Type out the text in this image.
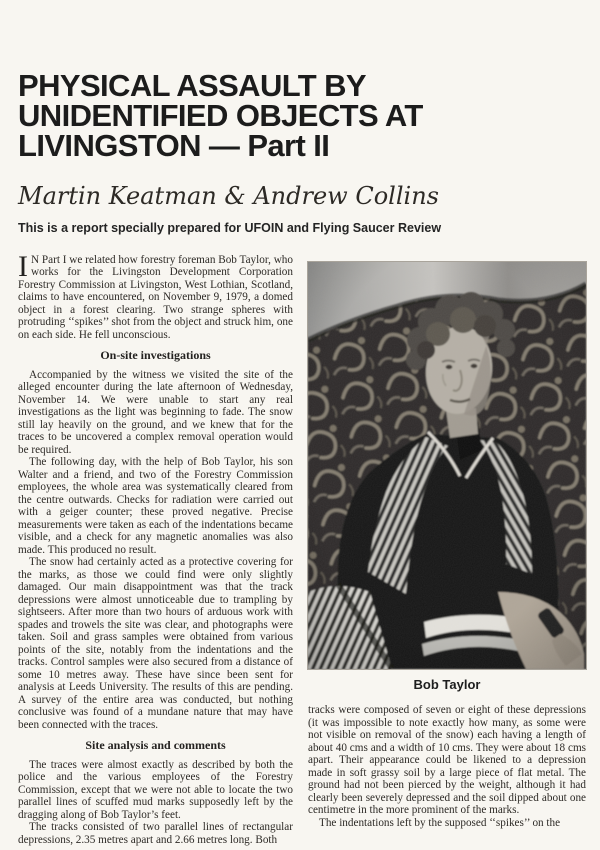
PHYSICAL ASSAULT BY
UNIDENTIFIED OBJECTS AT
LIVINGSTON — Part II
Martin Keatman & Andrew Collins
This is a report specially prepared for UFOIN and Flying Saucer Review

I N Part I we related how forestry foreman Bob Taylor, who works for the Livingston Development Corporation Forestry Commission at Livingston, West Lothian, Scotland, claims to have encountered, on November 9, 1979, a domed object in a forest clearing. Two strange spheres with protruding ‘‘spikes’’ shot from the object and struck him, one on each side. He fell unconscious.

On-site investigations

Accompanied by the witness we visited the site of the alleged encounter during the late afternoon of Wednesday, November 14. We were unable to start any real investigations as the light was beginning to fade. The snow still lay heavily on the ground, and we knew that for the traces to be uncovered a complex removal operation would be required.

The following day, with the help of Bob Taylor, his son Walter and a friend, and two of the Forestry Commission employees, the whole area was systematically cleared from the centre outwards. Checks for radiation were carried out with a geiger counter; these proved negative. Precise measurements were taken as each of the indentations became visible, and a check for any magnetic anomalies was also made. This produced no result.

The snow had certainly acted as a protective covering for the marks, as those we could find were only slightly damaged. Our main disappointment was that the track depressions were almost unnoticeable due to trampling by sightseers. After more than two hours of arduous work with spades and trowels the site was clear, and photographs were taken. Soil and grass samples were obtained from various points of the site, notably from the indentations and the tracks. Control samples were also secured from a distance of some 10 metres away. These have since been sent for analysis at Leeds University. The results of this are pending. A survey of the entire area was conducted, but nothing conclusive was found of a mundane nature that may have been connected with the traces.

Site analysis and comments

The traces were almost exactly as described by both the police and the various employees of the Forestry Commission, except that we were not able to locate the two parallel lines of scuffed mud marks supposedly left by the dragging along of Bob Taylor’s feet.

The tracks consisted of two parallel lines of rectangular depressions, 2.35 metres apart and 2.66 metres long. Both

Bob Taylor

tracks were composed of seven or eight of these depressions (it was impossible to note exactly how many, as some were not visible on removal of the snow) each having a length of about 40 cms and a width of 10 cms. They were about 18 cms apart. Their appearance could be likened to a depression made in soft grassy soil by a large piece of flat metal. The ground had not been pierced by the weight, although it had clearly been severely depressed and the soil dipped about one centimetre in the more prominent of the marks.

The indentations left by the supposed ‘‘spikes’’ on the
